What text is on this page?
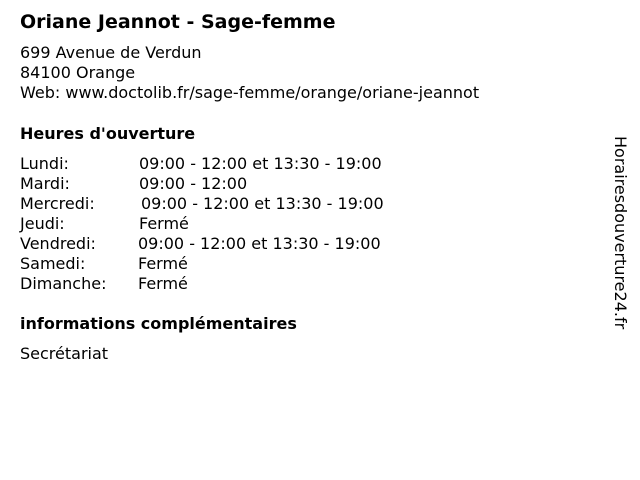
Oriane Jeannot - Sage-femme
699 Avenue de Verdun
84100 Orange
Web: www.doctolib.fr/sage-femme/orange/oriane-jeannot
Heures d'ouverture
Lundi:	09:00 - 12:00 et 13:30 - 19:00
Mardi:	09:00 - 12:00
Mercredi:	09:00 - 12:00 et 13:30 - 19:00
Jeudi:	Fermé
Vendredi:	09:00 - 12:00 et 13:30 - 19:00
Samedi:	Fermé
Dimanche: Fermé
informations complémentaires
Secrétariat
Horairesdouverture24.fr
